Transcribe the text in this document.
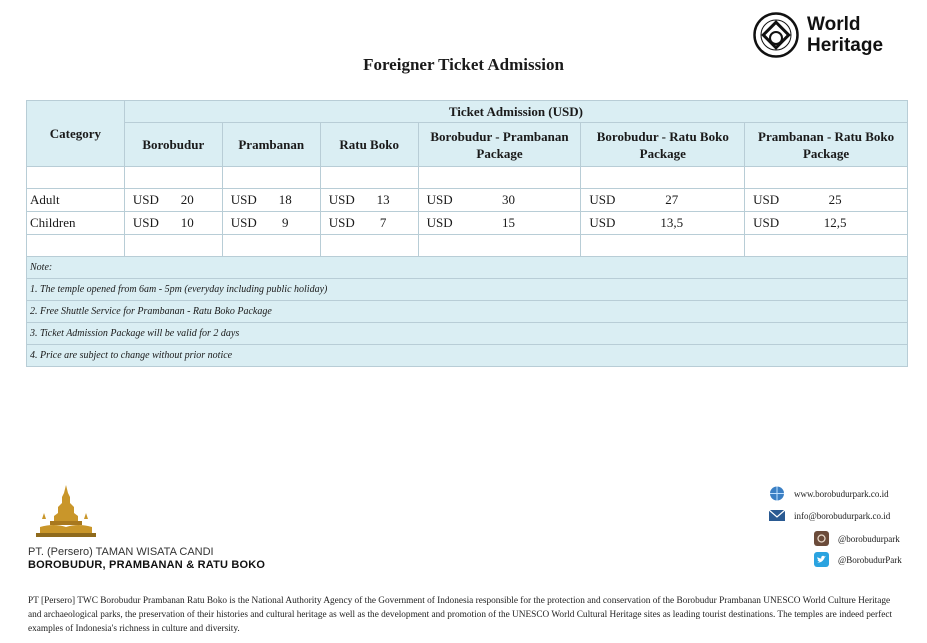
World
Heritage
Foreigner Ticket Admission
Category	Ticket Admission (USD)					
	Borobudur	Prambanan	Ratu Boko	Borobudur - Prambanan Package	Borobudur - Ratu Boko Package	Prambanan - Ratu Boko Package

Adult	USD 20	USD 18	USD 13	USD 30	USD 27	USD 25

Children	USD 10	USD 9	USD 7	USD 15	USD 13,5	USD 12,5

Note:						
1. The temple opened from 6am - 5pm (everyday including public holiday)						
2. Free Shuttle Service for Prambanan - Ratu Boko Package						
3. Ticket Admission Package will be valid for 2 days						
4. Price are subject to change without prior notice						
PT. (Persero) TAMAN WISATA CANDI
BOROBUDUR, PRAMBANAN & RATU BOKO
www.borobudurpark.co.id
info@borobudurpark.co.id
@borobudurpark
@BorobudurPark
PT [Persero] TWC Borobudur Prambanan Ratu Boko is the National Authority Agency of the Government of Indonesia responsible for the protection and conservation of the Borobudur Prambanan UNESCO World Culture Heritage and archaeological parks, the preservation of their histories and cultural heritage as well as the development and promotion of the UNESCO World Cultural Heritage sites as leading tourist destinations. The temples are indeed perfect examples of Indonesia's richness in culture and diversity.
